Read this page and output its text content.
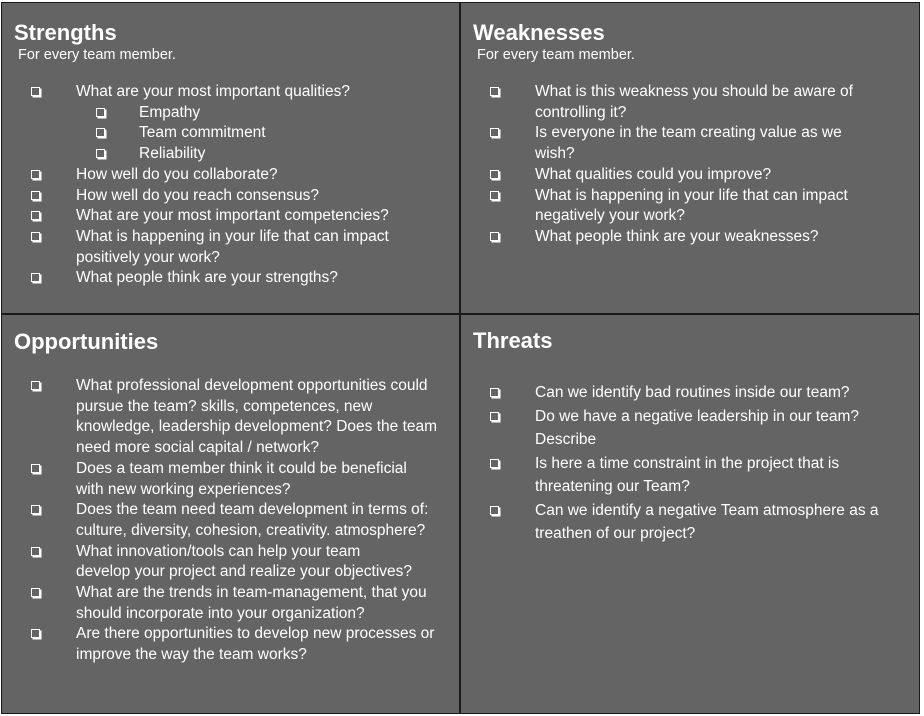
Strengths
For every team member.
What are your most important qualities?
Empathy
Team commitment
Reliability
How well do you collaborate?
How well do you reach consensus?
What are your most important competencies?
What is happening in your life that can impact positively your work?
What people think are your strengths?
Weaknesses
For every team member.
What is this weakness you should be aware of controlling it?
Is everyone in the team creating value as we wish?
What qualities could you improve?
What is happening in your life that can impact negatively your work?
What people think are your weaknesses?
Opportunities
What professional development opportunities could pursue the team? skills, competences, new knowledge, leadership development? Does the team need more social capital / network?
Does a team member think it could be beneficial with new working experiences?
Does the team need team development in terms of: culture, diversity, cohesion, creativity. atmosphere?
What innovation/tools can help your team develop your project and realize your objectives?
What are the trends in team-management, that you should incorporate into your organization?
Are there opportunities to develop new processes or improve the way the team works?
Threats
Can we identify bad routines inside our team?
Do we have a negative leadership in our team? Describe
Is here a time constraint in the project that is threatening our Team?
Can we identify a negative Team atmosphere as a treathen of our project?
